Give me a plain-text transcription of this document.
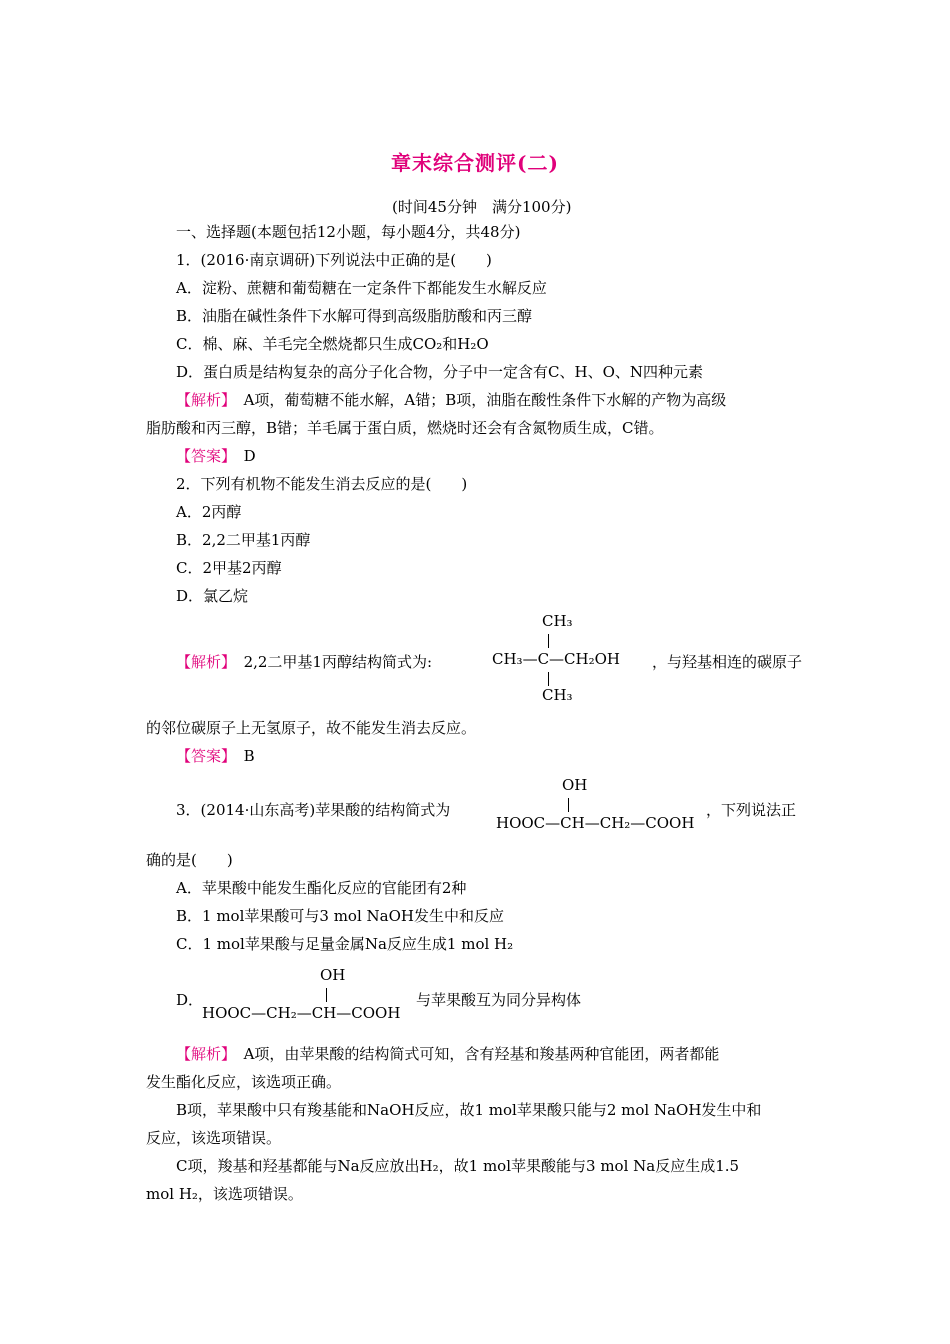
章末综合测评(二)
(时间45分钟　满分100分)
一、选择题(本题包括12小题，每小题4分，共48分)
1．(2016·南京调研)下列说法中正确的是(　　)
A．淀粉、蔗糖和葡萄糖在一定条件下都能发生水解反应
B．油脂在碱性条件下水解可得到高级脂肪酸和丙三醇
C．棉、麻、羊毛完全燃烧都只生成CO₂和H₂O
D．蛋白质是结构复杂的高分子化合物，分子中一定含有C、H、O、N四种元素
【解析】　 A项，葡萄糖不能水解，A错；B项，油脂在酸性条件下水解的产物为高级
脂肪酸和丙三醇，B错；羊毛属于蛋白质，燃烧时还会有含氮物质生成，C错。
【答案】　 D
2．下列有机物不能发生消去反应的是(　　)
A．2丙醇
B．2,2二甲基1丙醇
C．2甲基2丙醇
D．氯乙烷
【解析】　 2,2二甲基1丙醇结构简式为:
CH₃
CH₃—C—CH₂OH
CH₃
，与羟基相连的碳原子
的邻位碳原子上无氢原子，故不能发生消去反应。
【答案】　 B
3．(2014·山东高考)苹果酸的结构简式为
OH
HOOC—CH—CH₂—COOH
，下列说法正
确的是(　　)
A．苹果酸中能发生酯化反应的官能团有2种
B．1 mol苹果酸可与3 mol NaOH发生中和反应
C．1 mol苹果酸与足量金属Na反应生成1 mol H₂
D．
OH
HOOC—CH₂—CH—COOH
与苹果酸互为同分异构体
【解析】　 A项，由苹果酸的结构简式可知，含有羟基和羧基两种官能团，两者都能
发生酯化反应，该选项正确。
B项，苹果酸中只有羧基能和NaOH反应，故1 mol苹果酸只能与2 mol NaOH发生中和
反应，该选项错误。
C项，羧基和羟基都能与Na反应放出H₂，故1 mol苹果酸能与3 mol Na反应生成1.5
mol H₂，该选项错误。
